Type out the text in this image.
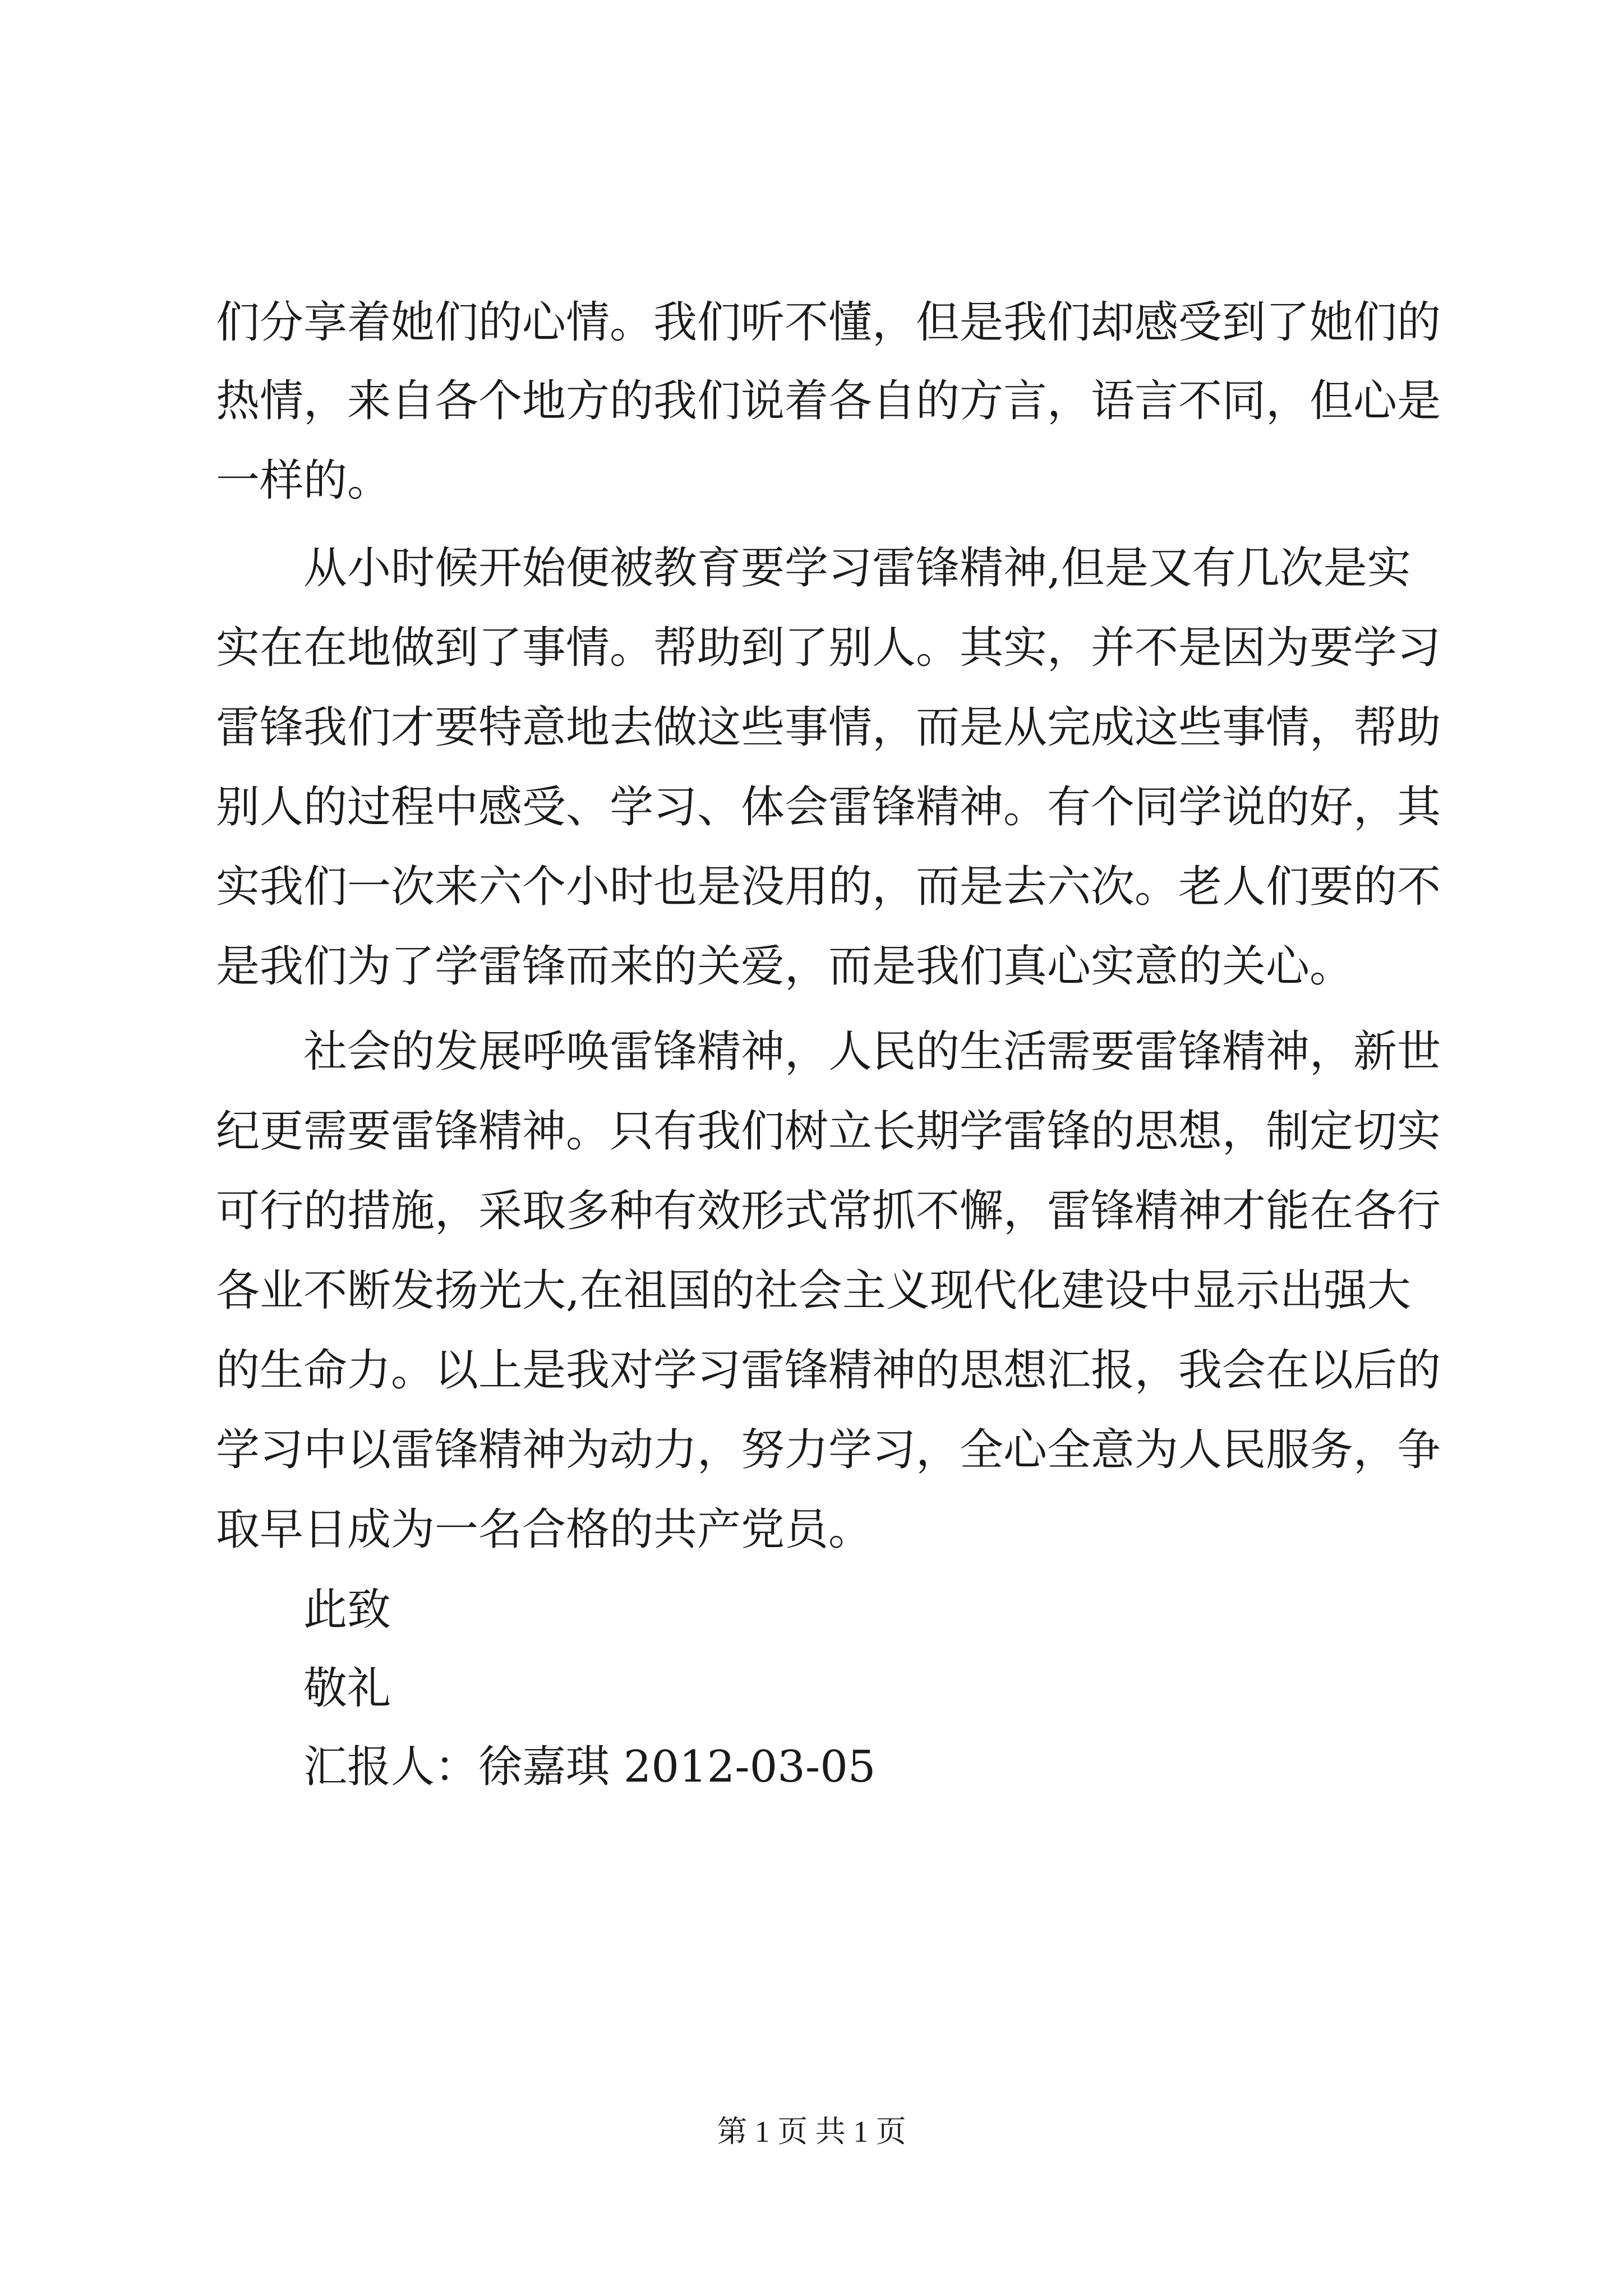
们分享着她们的心情。我们听不懂，但是我们却感受到了她们的
热情，来自各个地方的我们说着各自的方言，语言不同，但心是
一样的。
从小时候开始便被教育要学习雷锋精神,但是又有几次是实
实在在地做到了事情。帮助到了别人。其实，并不是因为要学习
雷锋我们才要特意地去做这些事情，而是从完成这些事情，帮助
别人的过程中感受、学习、体会雷锋精神。有个同学说的好，其
实我们一次来六个小时也是没用的，而是去六次。老人们要的不
是我们为了学雷锋而来的关爱，而是我们真心实意的关心。
社会的发展呼唤雷锋精神，人民的生活需要雷锋精神，新世
纪更需要雷锋精神。只有我们树立长期学雷锋的思想，制定切实
可行的措施，采取多种有效形式常抓不懈，雷锋精神才能在各行
各业不断发扬光大,在祖国的社会主义现代化建设中显示出强大
的生命力。以上是我对学习雷锋精神的思想汇报，我会在以后的
学习中以雷锋精神为动力，努力学习，全心全意为人民服务，争
取早日成为一名合格的共产党员。
此致
敬礼
汇报人：徐嘉琪 2012-03-05
第 1 页 共 1 页
